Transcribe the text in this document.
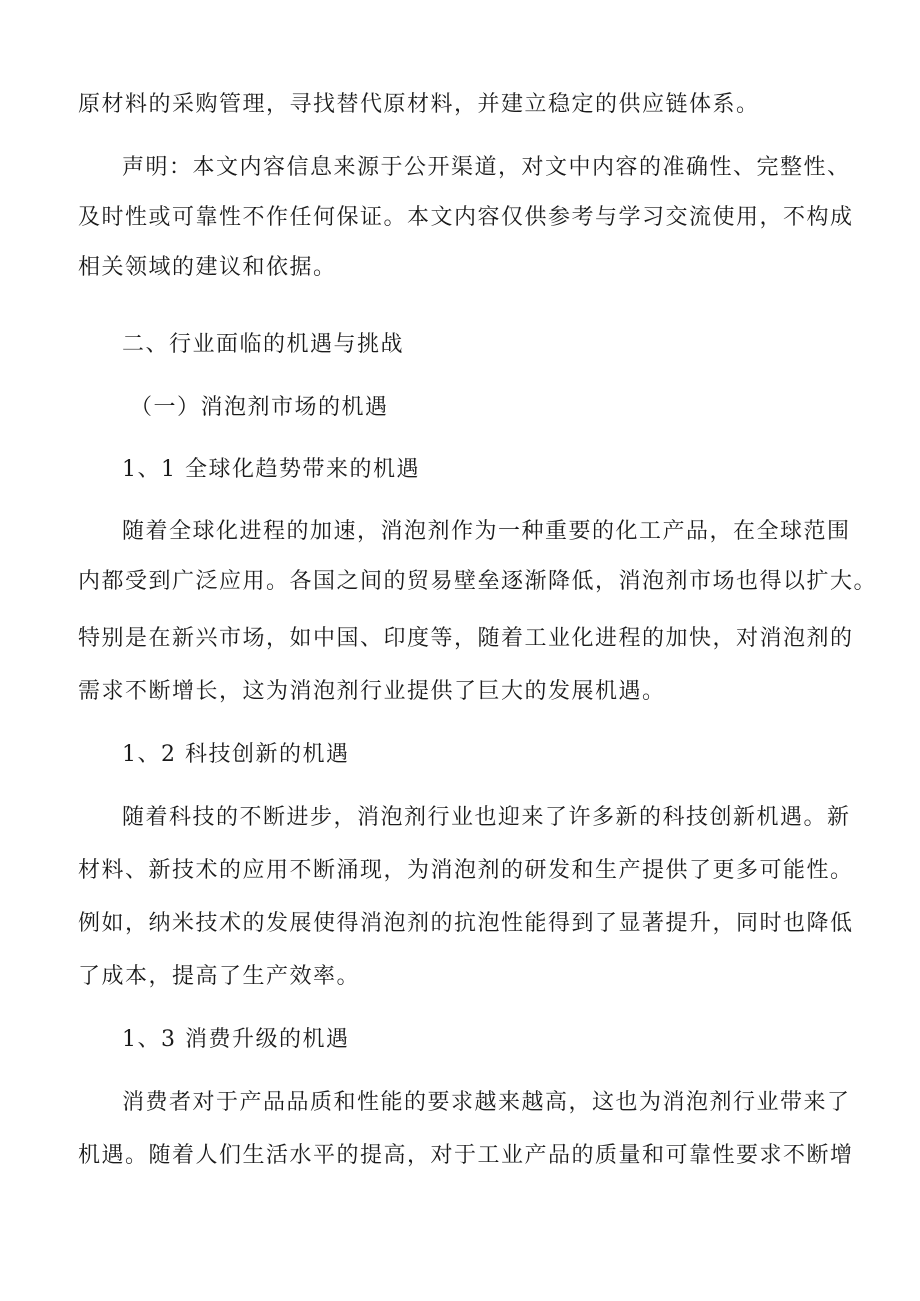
原材料的采购管理，寻找替代原材料，并建立稳定的供应链体系。
声明：本文内容信息来源于公开渠道，对文中内容的准确性、完整性、
及时性或可靠性不作任何保证。本文内容仅供参考与学习交流使用，不构成
相关领域的建议和依据。
二、行业面临的机遇与挑战
（一）消泡剂市场的机遇
1、1 全球化趋势带来的机遇
随着全球化进程的加速，消泡剂作为一种重要的化工产品，在全球范围
内都受到广泛应用。各国之间的贸易壁垒逐渐降低，消泡剂市场也得以扩大。
特别是在新兴市场，如中国、印度等，随着工业化进程的加快，对消泡剂的
需求不断增长，这为消泡剂行业提供了巨大的发展机遇。
1、2 科技创新的机遇
随着科技的不断进步，消泡剂行业也迎来了许多新的科技创新机遇。新
材料、新技术的应用不断涌现，为消泡剂的研发和生产提供了更多可能性。
例如，纳米技术的发展使得消泡剂的抗泡性能得到了显著提升，同时也降低
了成本，提高了生产效率。
1、3 消费升级的机遇
消费者对于产品品质和性能的要求越来越高，这也为消泡剂行业带来了
机遇。随着人们生活水平的提高，对于工业产品的质量和可靠性要求不断增
